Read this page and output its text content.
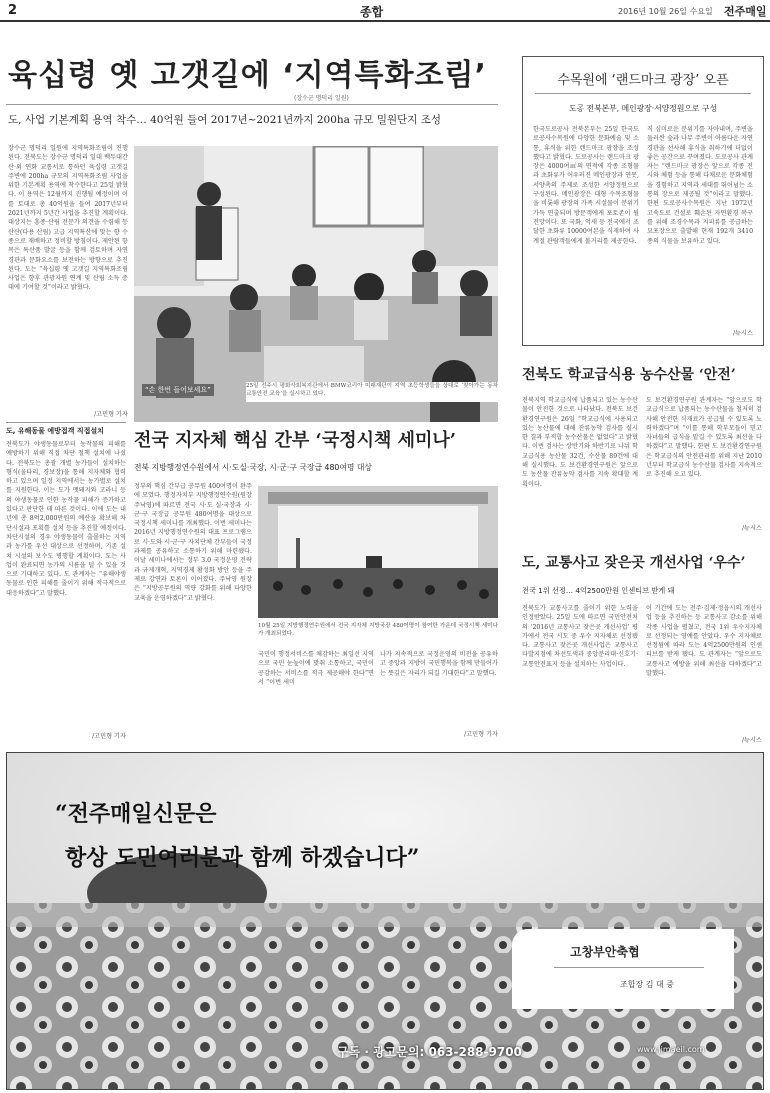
2	종합	2016년 10월 26일 수요일 전주매일
육십령 옛 고갯길에 ‘지역특화조림’
(장수군 명덕리 일원)
도, 사업 기본계획 용역 착수… 40억원 들여 2017년~2021년까지 200ha 규모 밀원단지 조성
장수군 명덕리 일원에 지역특화조림이 진행된다. 전북도는 장수군 명덕리 일대 백두대간 산·외 연화 교통서로 통하던 육십령 고갯길 주변에 200ha 규모의 지역특화조림 사업을 위한 기본계획 용역에 착수한다고 25일 밝혔다. 이 용역은 12월까지 진행될 예정이며 이를 토대로 총 40억원을 들여 2017년부터 2021년까지 5년간 사업을 추진할 계획이다. 대상지는 흥종·산림 전문가 의견을 수렴해 등산산(다용 산림) 고급 지역특산에 맞는 향 수종으로 재배하고 정비할 방침이다. 제안된 항목은 특산품 발굴 등을 함께 검토하며 자연 경관과 문화요소를 보전하는 방향으로 추진된다. 도는 “육십령 옛 고갯길 지역특화조림 사업은 향후 관광자원 연계 및 산림 소득 증대에 기여할 것”이라고 밝혔다.
/고민형 기자
“손 한번 들어보세요”	25일 전주시 평화사회복지관에서 BMW코리아 미래재단이 지역 초등학생들을 상대로 ‘찾아가는 동차 교통안전 교육’을 실시하고 있다.
도, 유해동물 예방접객 직접설치
전북도가 야생동물로부터 농작물의 피해를 예방하기 위해 직접 차단 철책 설치에 나섰다. 전북도는 총괄 개별 농가들이 설치하는 형식(울타리, 경보장)을 통해 지자체와 협력하고 있으며 일정 지역에서는 농가별로 설치를 지원한다. 이는 도가 멧돼지와 고라니 등의 야생동물로 인한 농작물 피해가 증가하고 있다고 판단한 데 따른 것이다. 이에 도는 내년에 총 8억2,000만원의 예산을 확보해 차단시설과 포획틀 설치 등을 추진할 예정이다. 차단시설의 경우 야생동물이 출몰하는 지역과 농가를 우선 대상으로 선정하며, 기존 설치 시설의 보수도 병행할 계획이다. 도는 사업이 완료되면 농가의 시름을 덜 수 있을 것으로 기대하고 있다. 도 관계자는 “유해야생동물로 인한 피해를 줄이기 위해 적극적으로 대응하겠다”고 말했다.
/고민형 기자
전국 지자체 핵심 간부 ‘국정시책 세미나’
전북 지방행정연수원에서 시·도실·국장, 시·군·구 국장급 480여명 대상
정부의 핵심 간부급 공무원 400여명이 완주에 모였다. 행정자치부 지방행정연수원(원장 주낙영)에 따르면 전국 시·도 실·국장과 시·군·구 국장급 공무원 480여명을 대상으로 국정시책 세미나를 개최했다. 이번 세미나는 2016년 지방행정연수원의 대표 프로그램으로 시·도와 시·군·구 자치단체 간부들이 국정과제를 공유하고 소통하기 위해 마련됐다. 이날 세미나에서는 정부 3.0 국정운영 전략과 규제개혁, 지역경제 활성화 방안 등을 주제로 강연과 토론이 이어졌다. 주낙영 원장은 “지방공무원의 역량 강화를 위해 다양한 교육을 운영하겠다”고 밝혔다.
10월 25일 지방행정연수원에서 전국 지자체 지방국장 480여명이 참여한 가운데 국정시책 세미나가 개최되었다.
국민이 행정서비스를 체감하는 최일선 지역으로 국민 눈높이에 맞춰 소통하고, 국민이 공감하는 서비스를 적극 제공해야 한다”면서 “이번 세미
나가 지속적으로 국정운영의 비전을 공유하고 중앙과 지방이 국민행복을 함께 만들어가는 뜻깊은 자리가 되길 기대한다”고 말했다.
/고민형 기자
수목원에 ‘랜드마크 광장’ 오픈
도공 전북본부, 메인광장·서양정원으로 구성
한국도로공사 전북본부는 25일 한국도로공사수목원에 다양한 문화예술 및 소통, 휴식을 위한 랜드마크 광장을 조성했다고 밝혔다. 도로공사는 랜드마크 광장은 4000여㎡의 면적에 각종 조형물과 초화류가 어우러진 메인광장과 연못, 서양촉의 주제로 조성한 서양정원으로 구성된다. 메인광장은 대형 수목조형물을 비롯해 광장의 가족 시설물이 분위기 가득 연출되며 방문객에게 포토존이 될 전망이다. 또 국화, 억새 등 전국에서 조달한 초화류 10000여본을 식재하여 사계절 관람객들에게 볼거리를 제공한다.
직 심미로운 분위기를 자아내며, 주변을 둘러싼 숲과 나무 주변이 아름다운 자연경관을 선사해 휴식을 취하기에 더없이 좋은 공간으로 꾸며졌다. 도로공사 관계자는 “랜드마크 광장은 앞으로 각종 전시와 체험 등을 통해 다채로운 문화체험을 경험하고 지역과 세대를 뛰어넘는 소통의 장으로 제공될 것”이라고 말했다. 한편 도로공사수목원은 지난 1972년 고속도로 건설로 훼손된 자연환경 복구를 위해 조경수목과 지피류를 공급하는 묘포장으로 출발해 현재 192개 3410종의 식물을 보유하고 있다.
/뉴시스
전북도 학교급식용 농수산물 ‘안전’
전북지역 학교급식에 납품되고 있는 농수산물이 안전한 것으로 나타났다. 전북도 보건환경연구원은 26일 “학교급식에 사용되고 있는 농산물에 대해 잔류농약 검사를 실시한 결과 부적합 농수산물은 없었다”고 밝혔다. 이번 검사는 상반기와 하반기로 나눠 학교급식용 농산물 32건, 수산물 89건에 대해 실시했다. 도 보건환경연구원은 앞으로도 농산물 잔류농약 검사를 지속 확대할 계획이다.
도 보건환경연구원 관계자는 “앞으로도 학교급식으로 납품되는 농수산물을 철저히 검사해 안전한 식재료가 공급될 수 있도록 노력하겠다”며 “이를 통해 학부모들이 믿고 자녀들의 급식을 맡길 수 있도록 최선을 다하겠다”고 말했다. 한편 도 보건환경연구원은 학교급식의 안전관리를 위해 지난 2010년부터 학교급식 농수산물 검사를 지속적으로 추진해 오고 있다.
/뉴시스
도, 교통사고 잦은곳 개선사업 ‘우수’
전국 1위 선정… 4억2500만원 인센티브 받게 돼
전북도가 교통사고를 줄이기 위한 노력을 인정받았다. 25일 도에 따르면 국민안전처의 ‘2016년 교통사고 잦은곳 개선사업’ 평가에서 전국 시도 중 우수 지자체로 선정됐다. 교통사고 잦은곳 개선사업은 교통사고 다발지점에 차선도색과 중앙분리대·신호기·교통안전표지 등을 설치하는 사업이다.
이 기간에 도는 전주·김제·정읍시의 개선사업 등을 추진하는 등 교통사고 감소를 위해 각종 사업을 펼쳤고, 전국 1위 우수지자체로 선정되는 영예를 안았다. 우수 지자체로 선정됨에 따라 도는 4억2500만원의 인센티브를 받게 됐다. 도 관계자는 “앞으로도 교통사고 예방을 위해 최선을 다하겠다”고 말했다.
/뉴시스
“전주매일신문은
항상 도민여러분과 함께 하겠습니다”
고창부안축협
조합장 김 대 중
구독 · 광고문의: 063-288-9700	www.jjmaeil.com
